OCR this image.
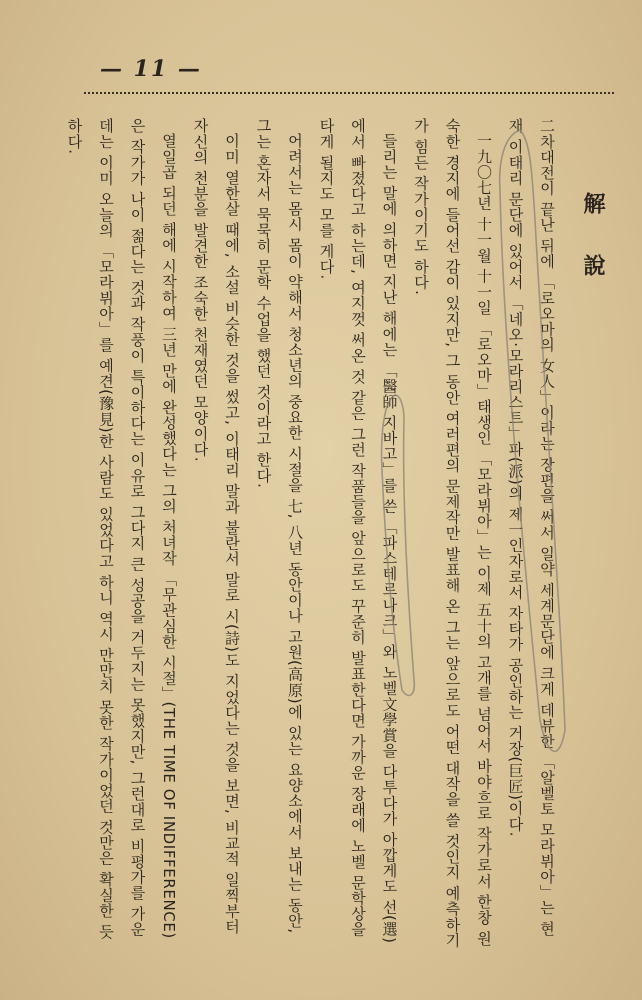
— 11 —
解說

二차대전이 끝난 뒤에 「로오마의 女人」이라는 장편을 써서 일약 세계문단에 크게 데뷰한 「알벨토 모라뷔아」는 현재 이태리 문단에 있어서 「네오·모라리스트」파(派)의 제一인자로서 자타가 공인하는 거장(巨匠)이다.

一九〇七년 十一월 十一일 「로오마」태생인 「모라뷔아」는 이제 五十의 고개를 넘어서 바야흐로 작가로서 한창 원숙한 경지에 들어선 감이 있지만, 그 동안 여러편의 문제작만 발표해 온 그는 앞으로도 어떤 대작을 쓸 것인지 예측하기가 힘든 작가이기도 하다.

들리는 말에 의하면 지난 해에는 「醫師 지바고」를 쓴 「파스테르나크」와 노벨文學賞을 다투다가 아깝게도 선(選)에서 빠졌다고 하는데, 여지껏 써온 것 같은 그런 작품들을 앞으로도 꾸준히 발표한다면 가까운 장래에 노벨 문학상을 타게 될지도 모를 게다.

어려서는 몸시 몸이 약해서 청소년의 중요한 시절을 七, 八년 동안이나 고원(高原)에 있는 요양소에서 보내는 동안, 그는 혼자서 묵묵히 문학 수업을 했던 것이라고 한다.

이미 열한살 때에, 소설 비슷한 것을 썼고, 이태리 말과 불란서 말로 시(詩)도 지었다는 것을 보면, 비교적 일찍부터 자신의 천분을 발견한 조숙한 천재였던 모양이다.

열일곱 되던 해에 시작하여 三년 만에 완성했다는 그의 처녀작 「무관심한 시절」(THE TIME OF INDIFFERENCE)은 작가가 나이 젊다는 것과 작풍이 특이하다는 이유로 그다지 큰 성공을 거두지는 못했지만, 그런대로 비평가를 가운데는 이미 오늘의 「모라뷔아」를 예견(豫見)한 사람도 있었다고 하니 역시 만만치 못한 작가이었던 것만은 확실한 듯 하다.
